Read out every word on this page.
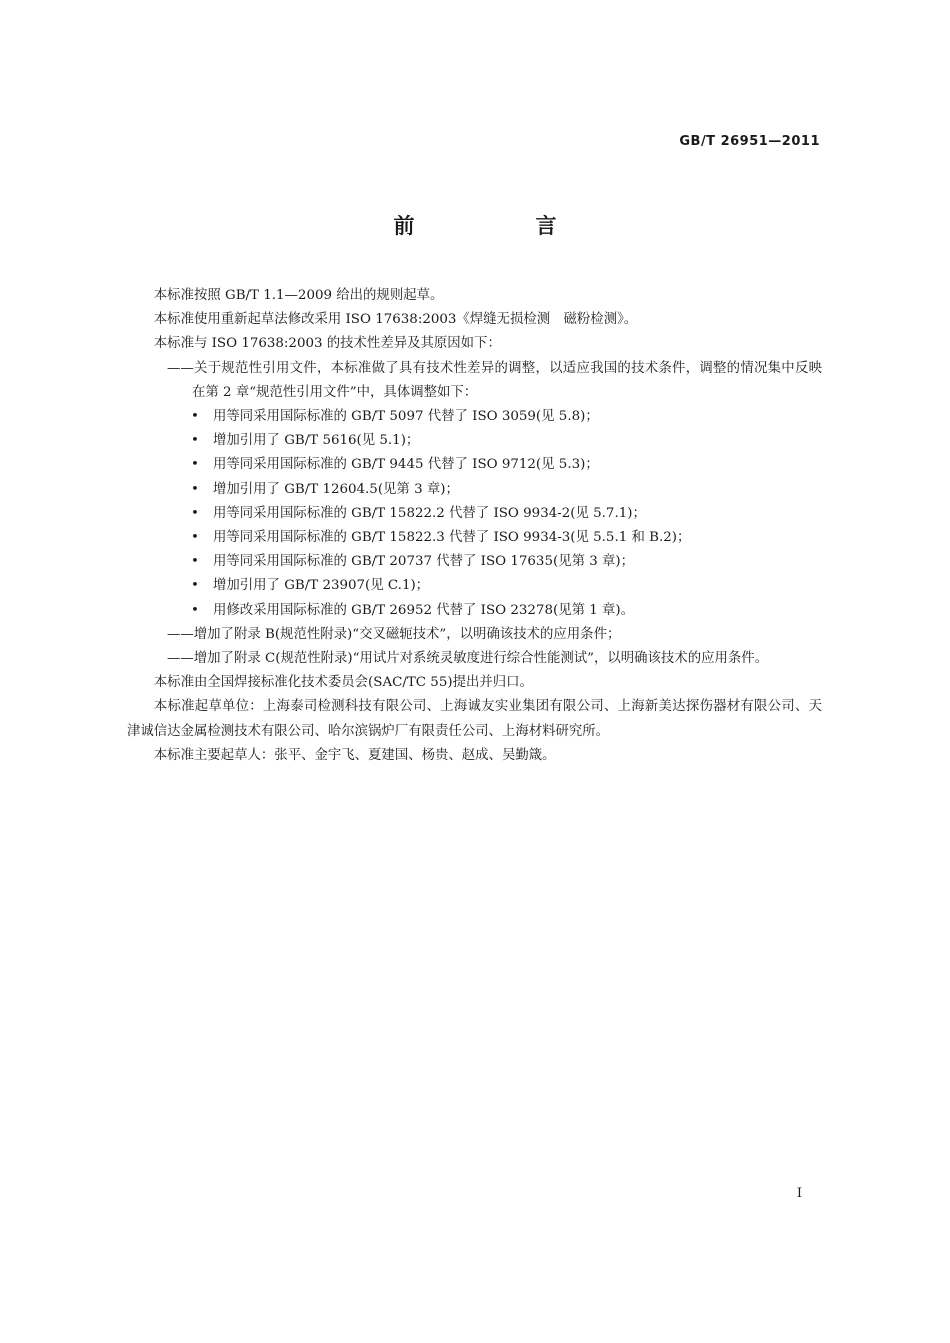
GB/T 26951—2011

前　言

本标准按照 GB/T 1.1—2009 给出的规则起草。

本标准使用重新起草法修改采用 ISO 17638:2003《焊缝无损检测　磁粉检测》。

本标准与 ISO 17638:2003 的技术性差异及其原因如下：

——关于规范性引用文件，本标准做了具有技术性差异的调整，以适应我国的技术条件，调整的情况集中反映在第 2 章“规范性引用文件”中，具体调整如下：

• 用等同采用国际标准的 GB/T 5097 代替了 ISO 3059(见 5.8)；

• 增加引用了 GB/T 5616(见 5.1)；

• 用等同采用国际标准的 GB/T 9445 代替了 ISO 9712(见 5.3)；

• 增加引用了 GB/T 12604.5(见第 3 章)；

• 用等同采用国际标准的 GB/T 15822.2 代替了 ISO 9934-2(见 5.7.1)；

• 用等同采用国际标准的 GB/T 15822.3 代替了 ISO 9934-3(见 5.5.1 和 B.2)；

• 用等同采用国际标准的 GB/T 20737 代替了 ISO 17635(见第 3 章)；

• 增加引用了 GB/T 23907(见 C.1)；

• 用修改采用国际标准的 GB/T 26952 代替了 ISO 23278(见第 1 章)。

——增加了附录 B(规范性附录)“交叉磁轭技术”，以明确该技术的应用条件；

——增加了附录 C(规范性附录)“用试片对系统灵敏度进行综合性能测试”，以明确该技术的应用条件。

本标准由全国焊接标准化技术委员会(SAC/TC 55)提出并归口。

本标准起草单位：上海泰司检测科技有限公司、上海诚友实业集团有限公司、上海新美达探伤器材有限公司、天津诚信达金属检测技术有限公司、哈尔滨锅炉厂有限责任公司、上海材料研究所。

本标准主要起草人：张平、金宇飞、夏建国、杨贵、赵成、吴勤箴。

I
